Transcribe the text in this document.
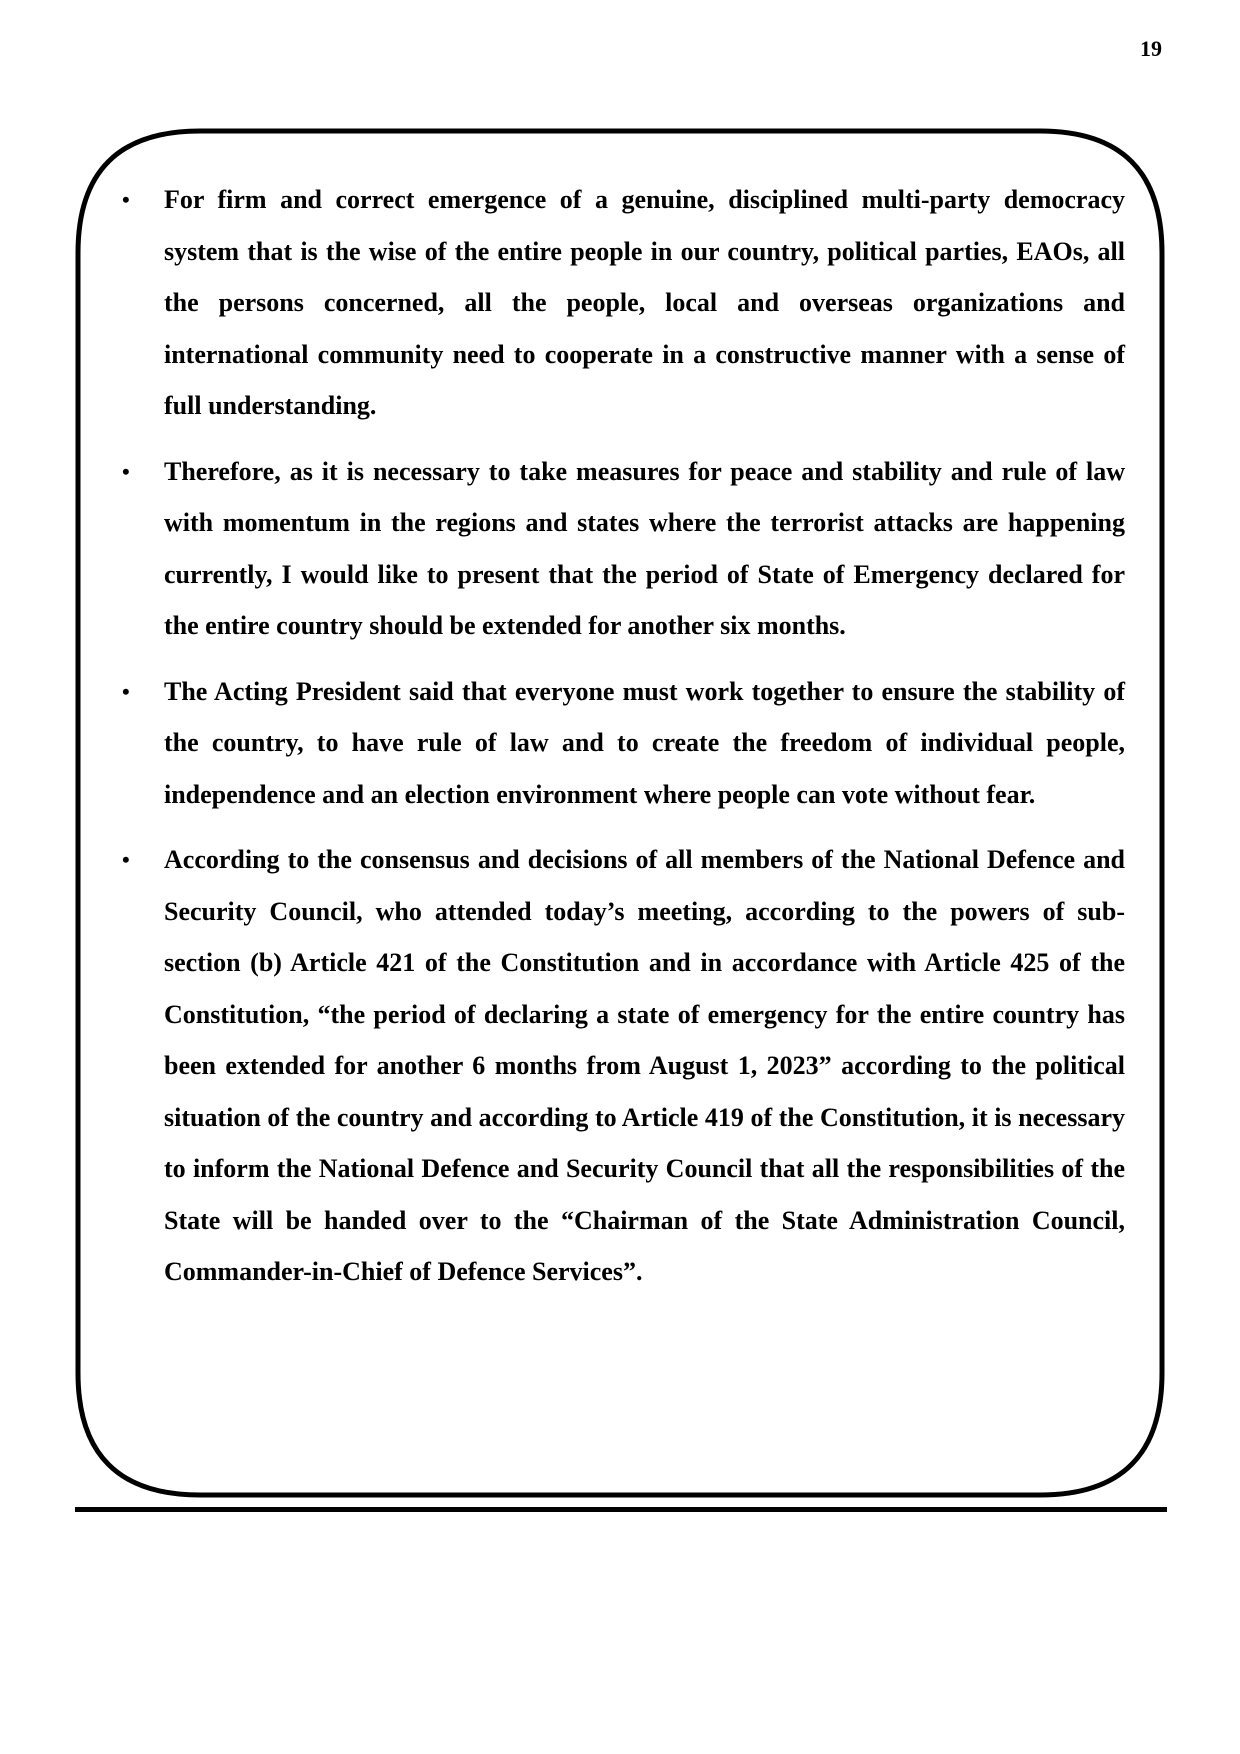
19
• For firm and correct emergence of a genuine, disciplined multi-party democracy system that is the wise of the entire people in our country, political parties, EAOs, all the persons concerned, all the people, local and overseas organizations and international community need to cooperate in a constructive manner with a sense of full understanding.
• Therefore, as it is necessary to take measures for peace and stability and rule of law with momentum in the regions and states where the terrorist attacks are happening currently, I would like to present that the period of State of Emergency declared for the entire country should be extended for another six months.
• The Acting President said that everyone must work together to ensure the stability of the country, to have rule of law and to create the freedom of individual people, independence and an election environment where people can vote without fear.
• According to the consensus and decisions of all members of the National Defence and Security Council, who attended today’s meeting, according to the powers of sub-section (b) Article 421 of the Constitution and in accordance with Article 425 of the Constitution, “the period of declaring a state of emergency for the entire country has been extended for another 6 months from August 1, 2023” according to the political situation of the country and according to Article 419 of the Constitution, it is necessary to inform the National Defence and Security Council that all the responsibilities of the State will be handed over to the “Chairman of the State Administration Council, Commander-in-Chief of Defence Services”.
